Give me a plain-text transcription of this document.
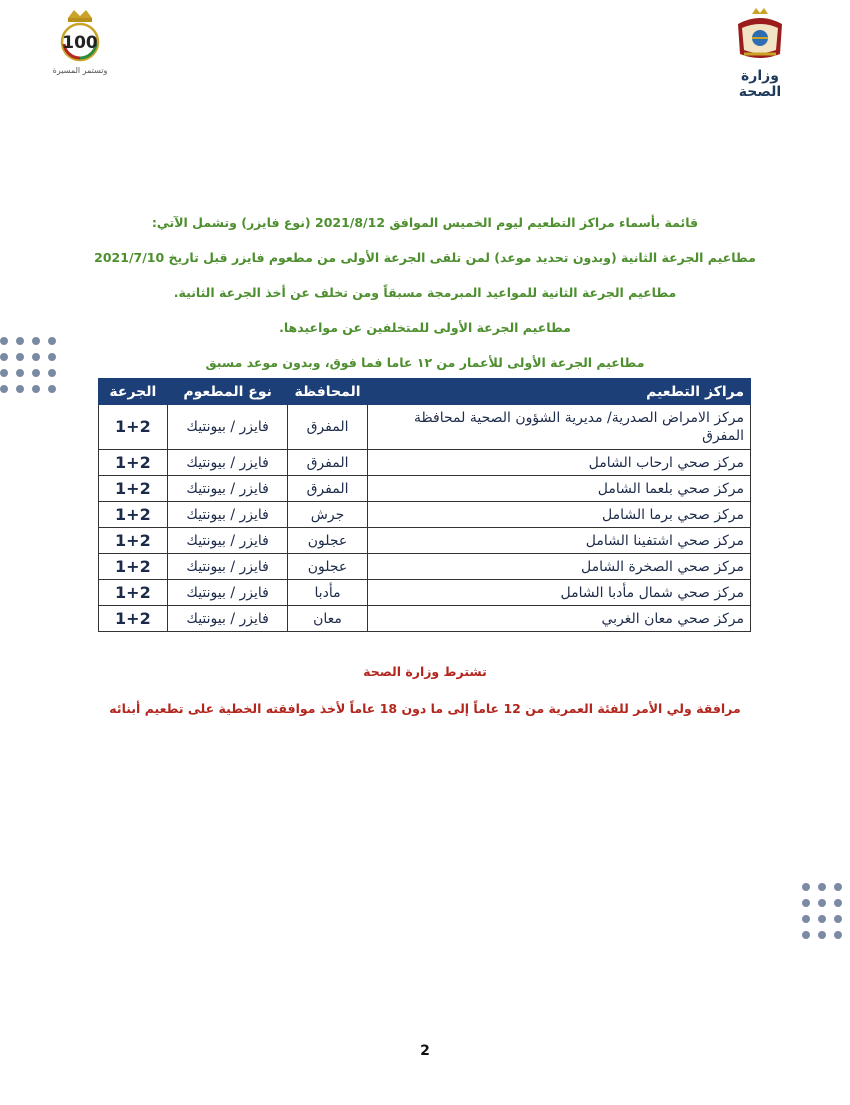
100
وتستمر المسيرة	وزارة الصحة

قائمة بأسماء مراكز التطعيم ليوم الخميس الموافق 2021/8/12 (نوع فايزر) وتشمل الآتي:

مطاعيم الجرعة الثانية (وبدون تحديد موعد) لمن تلقى الجرعة الأولى من مطعوم فايزر قبل تاريخ 2021/7/10

مطاعيم الجرعة الثانية للمواعيد المبرمجة مسبقاً ومن تخلف عن أخذ الجرعة الثانية.

مطاعيم الجرعة الأولى للمتخلفين عن مواعيدها.

مطاعيم الجرعة الأولى للأعمار من ١٢ عاما فما فوق، وبدون موعد مسبق

مراكز التطعيم	المحافظة	نوع المطعوم	الجرعة
مركز الامراض الصدرية/ مديرية الشؤون الصحية لمحافظة المفرق	المفرق	فايزر / بيونتيك	1+2
مركز صحي ارحاب الشامل	المفرق	فايزر / بيونتيك	1+2
مركز صحي بلعما الشامل	المفرق	فايزر / بيونتيك	1+2
مركز صحي برما الشامل	جرش	فايزر / بيونتيك	1+2
مركز صحي اشتفينا الشامل	عجلون	فايزر / بيونتيك	1+2
مركز صحي الصخرة الشامل	عجلون	فايزر / بيونتيك	1+2
مركز صحي شمال مأدبا الشامل	مأدبا	فايزر / بيونتيك	1+2
مركز صحي معان الغربي	معان	فايزر / بيونتيك	1+2
تشترط وزارة الصحة
مرافقة ولي الأمر للفئة العمرية من 12 عاماً إلى ما دون 18 عاماً لأخذ موافقته الخطية على تطعيم أبنائه
2
